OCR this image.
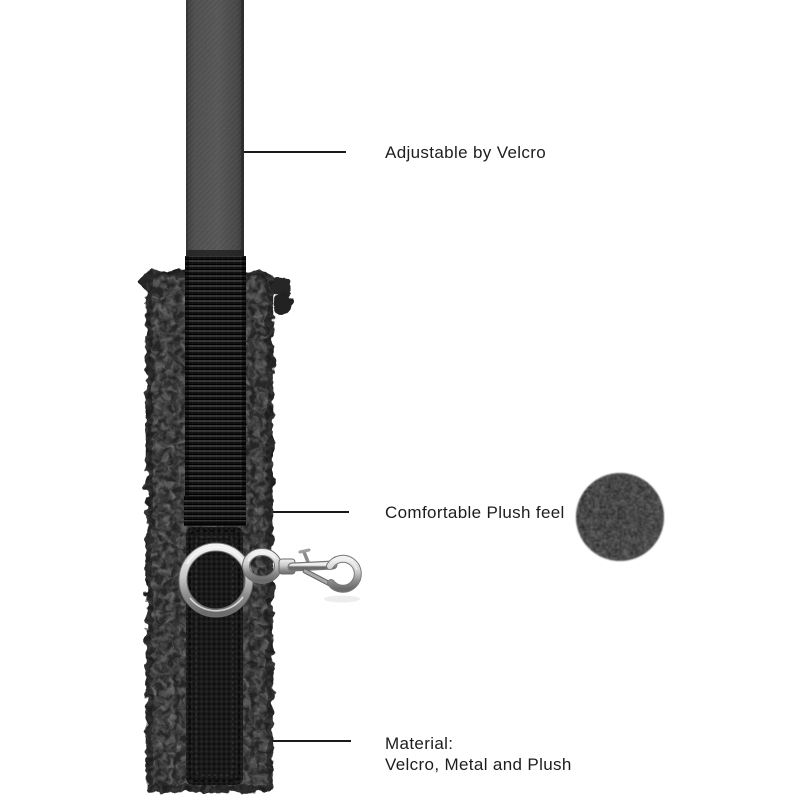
Adjustable by Velcro
Comfortable Plush feel
Material:
Velcro, Metal and Plush
